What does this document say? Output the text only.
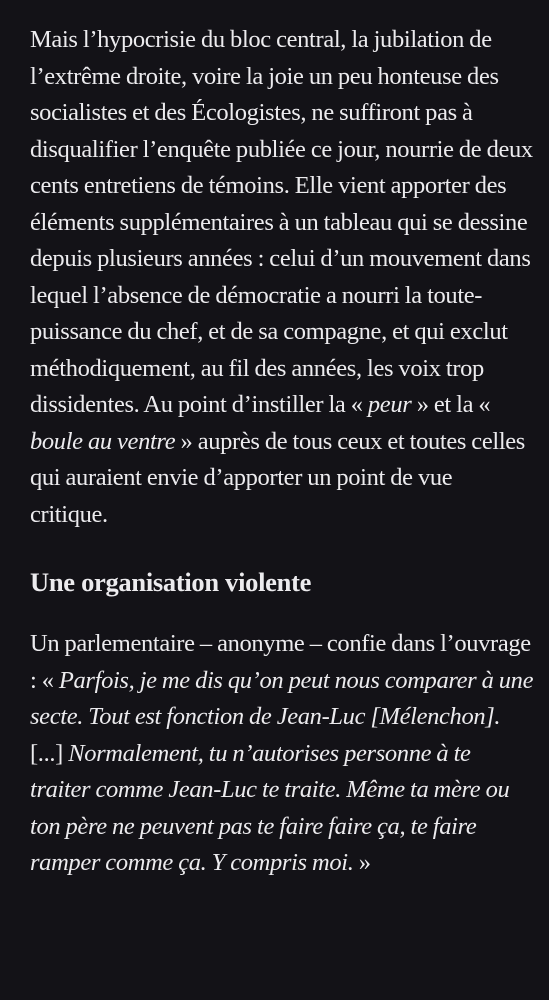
Mais l’hypocrisie du bloc central, la jubilation de l’extrême droite, voire la joie un peu honteuse des socialistes et des Écologistes, ne suffiront pas à disqualifier l’enquête publiée ce jour, nourrie de deux cents entretiens de témoins. Elle vient apporter des éléments supplémentaires à un tableau qui se dessine depuis plusieurs années : celui d’un mouvement dans lequel l’absence de démocratie a nourri la toute-puissance du chef, et de sa compagne, et qui exclut méthodiquement, au fil des années, les voix trop dissidentes. Au point d’instiller la « peur » et la « boule au ventre » auprès de tous ceux et toutes celles qui auraient envie d’apporter un point de vue critique.

Une organisation violente

Un parlementaire – anonyme – confie dans l’ouvrage : « Parfois, je me dis qu’on peut nous comparer à une secte. Tout est fonction de Jean-Luc [Mélenchon]. [...] Normalement, tu n’autorises personne à te traiter comme Jean-Luc te traite. Même ta mère ou ton père ne peuvent pas te faire faire ça, te faire ramper comme ça. Y compris moi. »
